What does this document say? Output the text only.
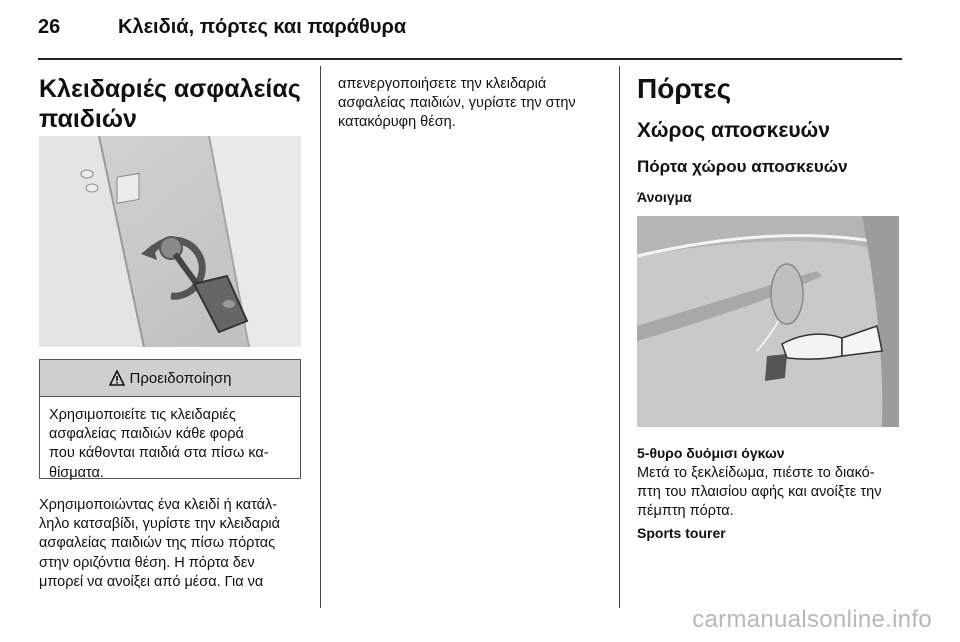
26	Κλειδιά, πόρτες και παράθυρα
Κλειδαριές ασφαλείας
παιδιών
Προειδοποίηση
Χρησιμοποιείτε τις κλειδαριές
ασφαλείας παιδιών κάθε φορά
που κάθονται παιδιά στα πίσω κα-
θίσματα.
Χρησιμοποιώντας ένα κλειδί ή κατάλ-
ληλο κατσαβίδι, γυρίστε την κλειδαριά
ασφαλείας παιδιών της πίσω πόρτας
στην οριζόντια θέση. Η πόρτα δεν
μπορεί να ανοίξει από μέσα. Για να
απενεργοποιήσετε την κλειδαριά
ασφαλείας παιδιών, γυρίστε την στην
κατακόρυφη θέση.
Πόρτες
Χώρος αποσκευών
Πόρτα χώρου αποσκευών
Άνοιγμα
5-θυρο δυόμισι όγκων
Μετά το ξεκλείδωμα, πιέστε το διακό-
πτη του πλαισίου αφής και ανοίξτε την
πέμπτη πόρτα.
Sports tourer
carmanualsonline.info
